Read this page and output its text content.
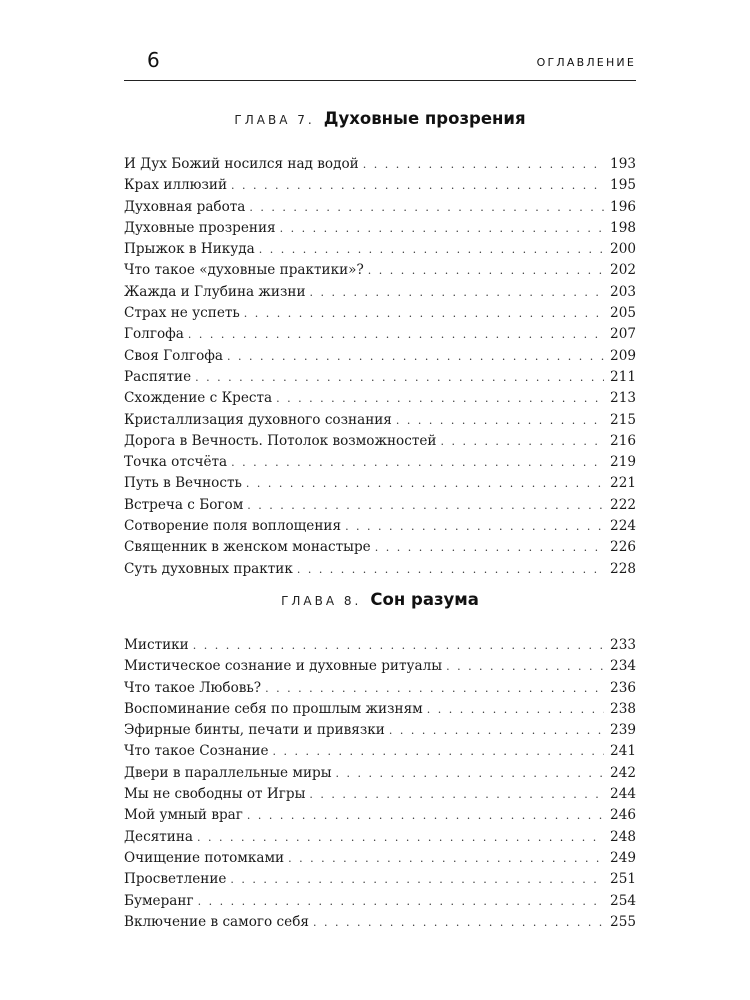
6	ОГЛАВЛЕНИЕ
ГЛАВА 7. Духовные прозрения
И Дух Божий носился над водой . . .	193
Крах иллюзий . . .	195
Духовная работа . . .	196
Духовные прозрения . . .	198
Прыжок в Никуда . . .	200
Что такое «духовные практики»? . . .	202
Жажда и Глубина жизни . . .	203
Страх не успеть . . .	205
Голгофа . . .	207
Своя Голгофа . . .	209
Распятие . . .	211
Схождение с Креста . . .	213
Кристаллизация духовного сознания . . .	215
Дорога в Вечность. Потолок возможностей . . .	216
Точка отсчёта . . .	219
Путь в Вечность . . .	221
Встреча с Богом . . .	222
Сотворение поля воплощения . . .	224
Священник в женском монастыре . . .	226
Суть духовных практик . . .	228
ГЛАВА 8. Сон разума
Мистики . . .	233
Мистическое сознание и духовные ритуалы . . .	234
Что такое Любовь? . . .	236
Воспоминание себя по прошлым жизням . . .	238
Эфирные бинты, печати и привязки . . .	239
Что такое Сознание . . .	241
Двери в параллельные миры . . .	242
Мы не свободны от Игры . . .	244
Мой умный враг . . .	246
Десятина . . .	248
Очищение потомками . . .	249
Просветление . . .	251
Бумеранг . . .	254
Включение в самого себя . . .	255
